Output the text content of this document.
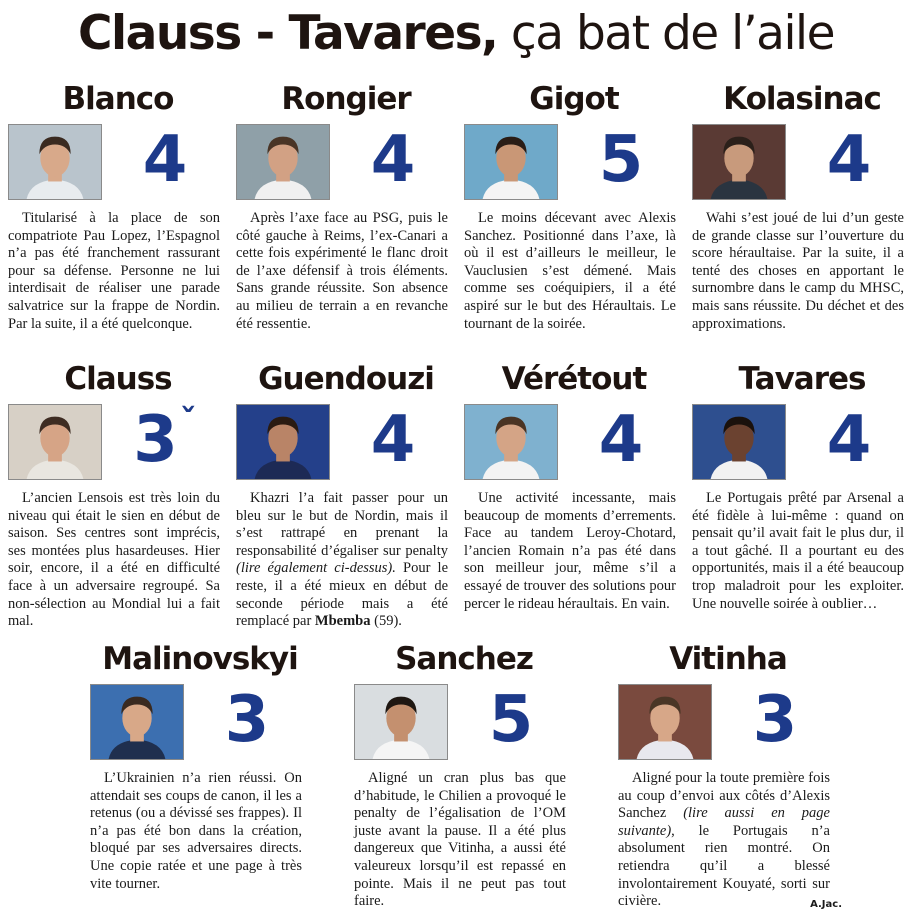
Clauss - Tavares, ça bat de l’aile
Blanco
4

Titularisé à la place de son compatriote Pau Lopez, l’Espagnol n’a pas été franchement rassurant pour sa défense. Personne ne lui interdisait de réaliser une parade salvatrice sur la frappe de Nordin. Par la suite, il a été quelconque.

Rongier
4

Après l’axe face au PSG, puis le côté gauche à Reims, l’ex-Canari a cette fois expérimenté le flanc droit de l’axe défensif à trois éléments. Sans grande réussite. Son absence au milieu de terrain a en revanche été ressentie.

Gigot
5

Le moins décevant avec Alexis Sanchez. Positionné dans l’axe, là où il est d’ailleurs le meilleur, le Vauclusien s’est démené. Mais comme ses coéquipiers, il a été aspiré sur le but des Héraultais. Le tournant de la soirée.

Kolasinac
4

Wahi s’est joué de lui d’un geste de grande classe sur l’ouverture du score héraultaise. Par la suite, il a tenté des choses en apportant le surnombre dans le camp du MHSC, mais sans réussite. Du déchet et des approximations.

Clauss
$3^ˇ$

L’ancien Lensois est très loin du niveau qui était le sien en début de saison. Ses centres sont imprécis, ses montées plus hasardeuses. Hier soir, encore, il a été en difficulté face à un adversaire regroupé. Sa non-sélection au Mondial lui a fait mal.

Guendouzi
4

Khazri l’a fait passer pour un bleu sur le but de Nordin, mais il s’est rattrapé en prenant la responsabilité d’égaliser sur penalty (lire également ci-dessus). Pour le reste, il a été mieux en début de seconde période mais a été remplacé par Mbemba (59).

Vérétout
4

Une activité incessante, mais beaucoup de moments d’errements. Face au tandem Leroy-Chotard, l’ancien Romain n’a pas été dans son meilleur jour, même s’il a essayé de trouver des solutions pour percer le rideau héraultais. En vain.

Tavares
4

Le Portugais prêté par Arsenal a été fidèle à lui-même : quand on pensait qu’il avait fait le plus dur, il a tout gâché. Il a pourtant eu des opportunités, mais il a été beaucoup trop maladroit pour les exploiter. Une nouvelle soirée à oublier…

Malinovskyi
3

L’Ukrainien n’a rien réussi. On attendait ses coups de canon, il les a retenus (ou a dévissé ses frappes). Il n’a pas été bon dans la création, bloqué par ses adversaires directs. Une copie ratée et une page à très vite tourner.

Sanchez
5

Aligné un cran plus bas que d’habitude, le Chilien a provoqué le penalty de l’égalisation de l’OM juste avant la pause. Il a été plus dangereux que Vitinha, a aussi été valeureux lorsqu’il est repassé en pointe. Mais il ne peut pas tout faire.

Vitinha
3

Aligné pour la toute première fois au coup d’envoi aux côtés d’Alexis Sanchez (lire aussi en page suivante), le Portugais n’a absolument rien montré. On retiendra qu’il a blessé involontairement Kouyaté, sorti sur civière.	A.Jac.
